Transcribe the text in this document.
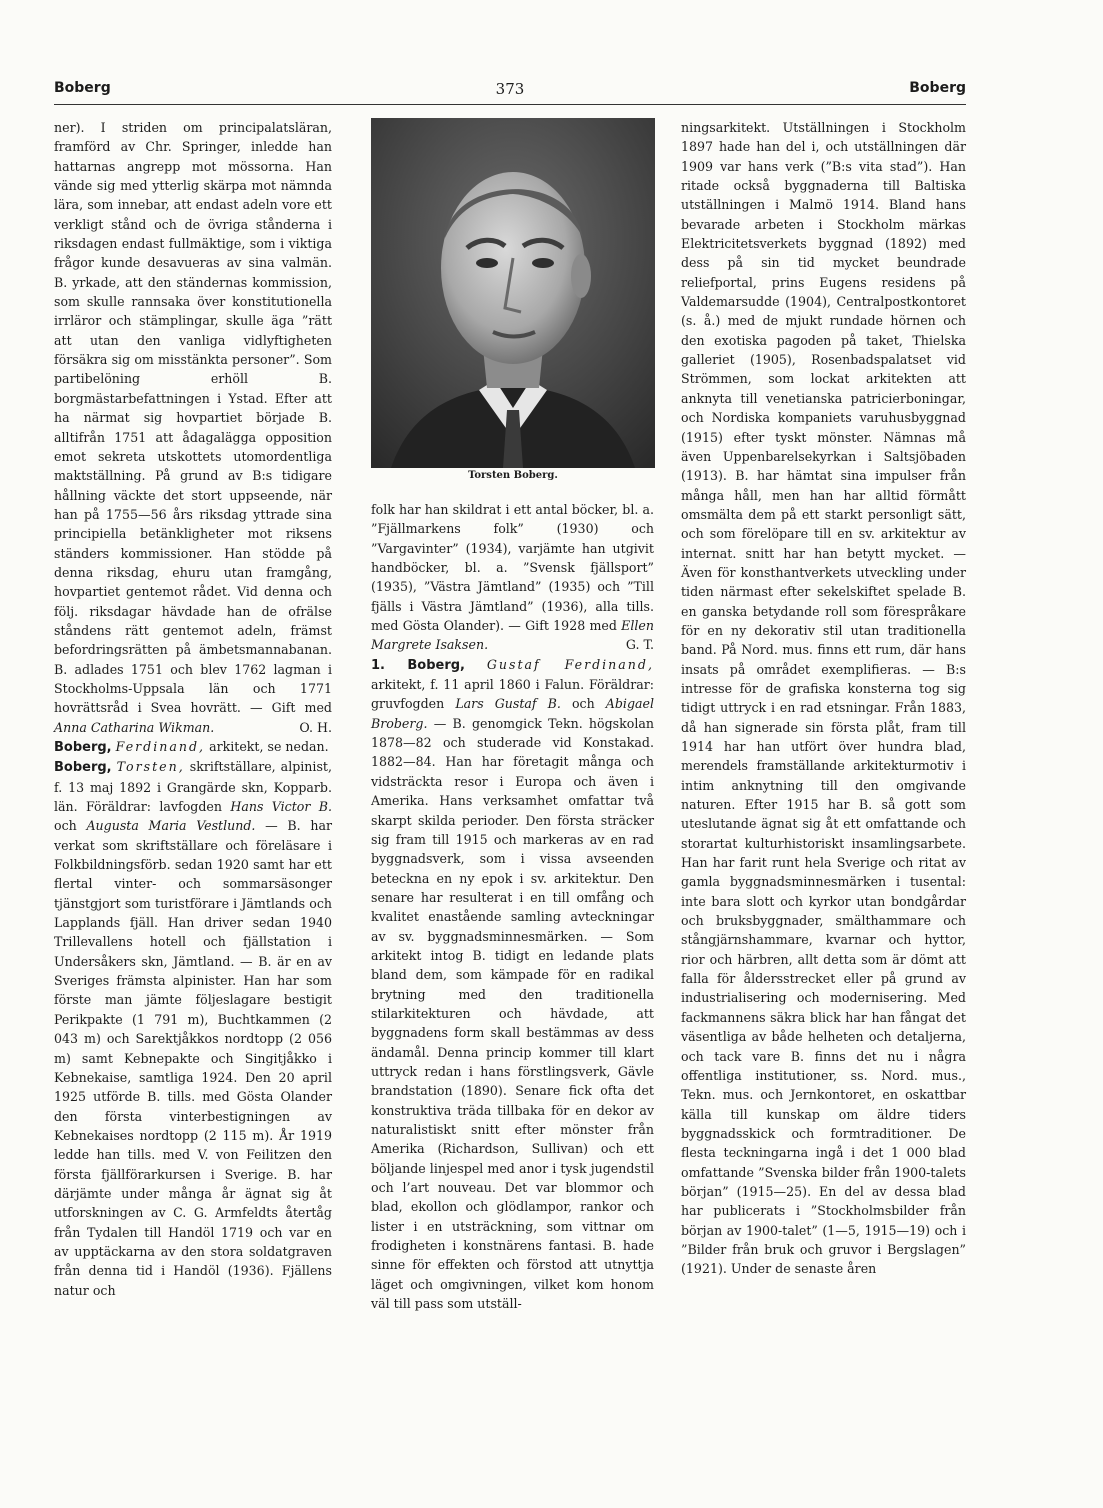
Boberg	373	Boberg

ner). I striden om principalatsläran, framförd av Chr. Springer, inledde han hattarnas angrepp mot mössorna. Han vände sig med ytterlig skärpa mot nämnda lära, som innebar, att endast adeln vore ett verkligt stånd och de övriga stånderna i riksdagen endast fullmäktige, som i viktiga frågor kunde desavueras av sina valmän. B. yrkade, att den ständernas kommission, som skulle rannsaka över konstitutionella irrläror och stämplingar, skulle äga ”rätt att utan den vanliga vidlyftigheten försäkra sig om misstänkta personer”. Som partibelöning erhöll B. borgmästarbefattningen i Ystad. Efter att ha närmat sig hovpartiet började B. alltifrån 1751 att ådagalägga opposition emot sekreta utskottets utomordentliga maktställning. På grund av B:s tidigare hållning väckte det stort uppseende, när han på 1755—56 års riksdag yttrade sina principiella betänkligheter mot riksens ständers kommissioner. Han stödde på denna riksdag, ehuru utan framgång, hovpartiet gentemot rådet. Vid denna och följ. riksdagar hävdade han de ofrälse ståndens rätt gentemot adeln, främst befordringsrätten på ämbetsmannabanan. B. adlades 1751 och blev 1762 lagman i Stockholms-Uppsala län och 1771 hovrättsråd i Svea hovrätt. — Gift med Anna Catharina Wikman.	O. H.

Boberg, Ferdinand, arkitekt, se nedan.

Boberg, Torsten, skriftställare, alpinist, f. 13 maj 1892 i Grangärde skn, Kopparb. län. Föräldrar: lavfogden Hans Victor B. och Augusta Maria Vestlund. — B. har verkat som skriftställare och föreläsare i Folkbildningsförb. sedan 1920 samt har ett flertal vinter- och sommarsäsonger tjänstgjort som turistförare i Jämtlands och Lapplands fjäll. Han driver sedan 1940 Trillevallens hotell och fjällstation i Undersåkers skn, Jämtland. — B. är en av Sveriges främsta alpinister. Han har som förste man jämte följeslagare bestigit Perikpakte (1 791 m), Buchtkammen (2 043 m) och Sarektjåkkos nordtopp (2 056 m) samt Kebnepakte och Singitjåkko i Kebnekaise, samtliga 1924. Den 20 april 1925 utförde B. tills. med Gösta Olander den första vinterbestigningen av Kebnekaises nordtopp (2 115 m). År 1919 ledde han tills. med V. von Feilitzen den första fjällförarkursen i Sverige. B. har därjämte under många år ägnat sig åt utforskningen av C. G. Armfeldts återtåg från Tydalen till Handöl 1719 och var en av upptäckarna av den stora soldatgraven från denna tid i Handöl (1936). Fjällens natur och

Torsten Boberg.

folk har han skildrat i ett antal böcker, bl. a. ”Fjällmarkens folk” (1930) och ”Vargavinter” (1934), varjämte han utgivit handböcker, bl. a. ”Svensk fjällsport” (1935), ”Västra Jämtland” (1935) och ”Till fjälls i Västra Jämtland” (1936), alla tills. med Gösta Olander). — Gift 1928 med Ellen Margrete Isaksen.	G. T.

1. Boberg, Gustaf Ferdinand, arkitekt, f. 11 april 1860 i Falun. Föräldrar: gruvfogden Lars Gustaf B. och Abigael Broberg. — B. genomgick Tekn. högskolan 1878—82 och studerade vid Konstakad. 1882—84. Han har företagit många och vidsträckta resor i Europa och även i Amerika. Hans verksamhet omfattar två skarpt skilda perioder. Den första sträcker sig fram till 1915 och markeras av en rad byggnadsverk, som i vissa avseenden betecknа en ny epok i sv. arkitektur. Den senare har resulterat i en till omfång och kvalitet enastående samling avteckningar av sv. byggnadsminnesmärken. — Som arkitekt intog B. tidigt en ledande plats bland dem, som kämpade för en radikal brytning med den traditionella stilarkitekturen och hävdade, att byggnadens form skall bestämmas av dess ändamål. Denna princip kommer till klart uttryck redan i hans förstlingsverk, Gävle brandstation (1890). Senare fick ofta det konstruktiva träda tillbaka för en dekor av naturalistiskt snitt efter mönster från Amerika (Richardson, Sullivan) och ett böljande linjespel med anor i tysk jugendstil och l’art nouveau. Det var blommor och blad, ekollon och glödlampor, rankor och lister i en utsträckning, som vittnar om frodigheten i konstnärens fantasi. B. hade sinne för effekten och förstod att utnyttja läget och omgivningen, vilket kom honom väl till pass som utställ-

ningsarkitekt. Utställningen i Stockholm 1897 hade han del i, och utställningen där 1909 var hans verk (”B:s vita stad”). Han ritade också byggnaderna till Baltiska utställningen i Malmö 1914. Bland hans bevarade arbeten i Stockholm märkas Elektricitetsverkets byggnad (1892) med dess på sin tid mycket beundrade reliefportal, prins Eugens residens på Valdemarsudde (1904), Centralpostkontoret (s. å.) med de mjukt rundade hörnen och den exotiska pagoden på taket, Thielska galleriet (1905), Rosenbadspalatset vid Strömmen, som lockat arkitekten att anknyta till venetianska patricierboningar, och Nordiska kompaniets varuhusbyggnad (1915) efter tyskt mönster. Nämnas må även Uppenbarelsekyrkan i Saltsjöbaden (1913). B. har hämtat sina impulser från många håll, men han har alltid förmått omsmälta dem på ett starkt personligt sätt, och som förelöpare till en sv. arkitektur av internat. snitt har han betytt mycket. — Även för konsthantverkets utveckling under tiden närmast efter sekelskiftet spelade B. en ganska betydande roll som förespråkare för en ny dekorativ stil utan traditionella band. På Nord. mus. finns ett rum, där hans insats på området exemplifieras. — B:s intresse för de grafiska konsterna tog sig tidigt uttryck i en rad etsningar. Från 1883, då han signerade sin första plåt, fram till 1914 har han utfört över hundra blad, merendels framställande arkitekturmotiv i intim anknytning till den omgivande naturen. Efter 1915 har B. så gott som uteslutande ägnat sig åt ett omfattande och storartat kulturhistoriskt insamlingsarbete. Han har farit runt hela Sverige och ritat av gamla byggnadsminnesmärken i tusental: inte bara slott och kyrkor utan bondgårdar och bruksbyggnader, smälthammare och stångjärnshammare, kvarnar och hyttor, rior och härbren, allt detta som är dömt att falla för åldersstrecket eller på grund av industrialisering och modernisering. Med fackmannens säkra blick har han fångat det väsentliga av både helheten och detaljerna, och tack vare B. finns det nu i några offentliga institutioner, ss. Nord. mus., Tekn. mus. och Jernkontoret, en oskattbar källa till kunskap om äldre tiders byggnadsskick och formtraditioner. De flesta teckningarna ingå i det 1 000 blad omfattande ”Svenska bilder från 1900-talets början” (1915—25). En del av dessa blad har publicerats i ”Stockholmsbilder från början av 1900-talet” (1—5, 1915—19) och i ”Bilder från bruk och gruvor i Bergslagen” (1921). Under de senaste åren
